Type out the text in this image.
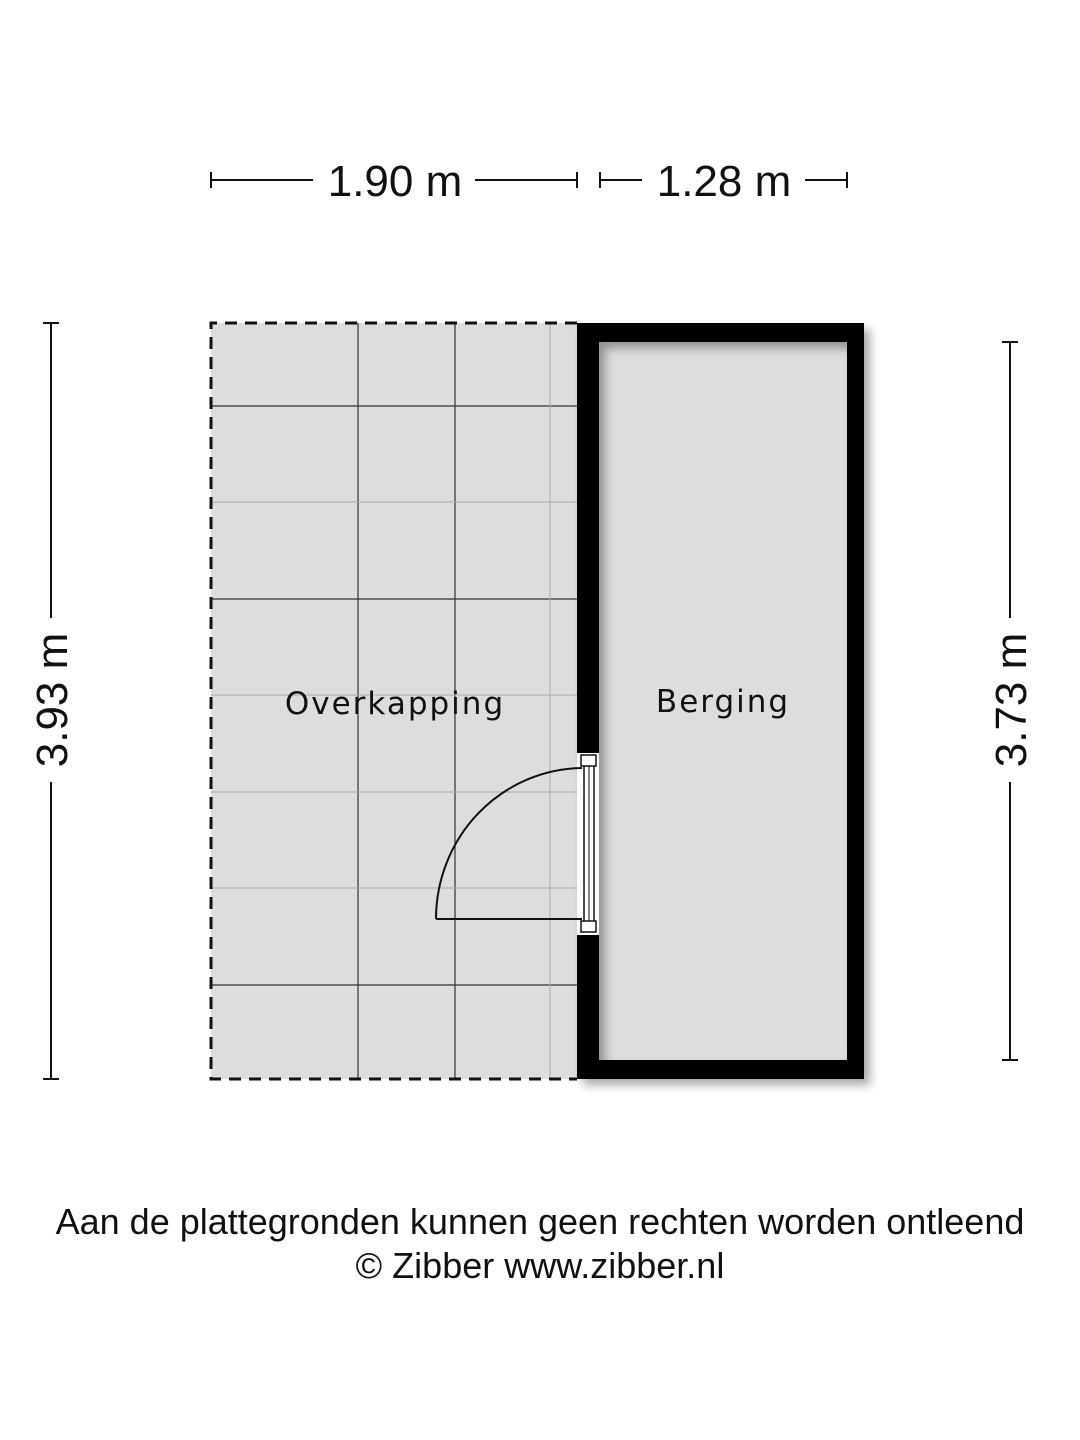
1.90 m	1.28 m
3.93 m	3.73 m
Overkapping	Berging
Aan de plattegronden kunnen geen rechten worden ontleend
© Zibber www.zibber.nl
